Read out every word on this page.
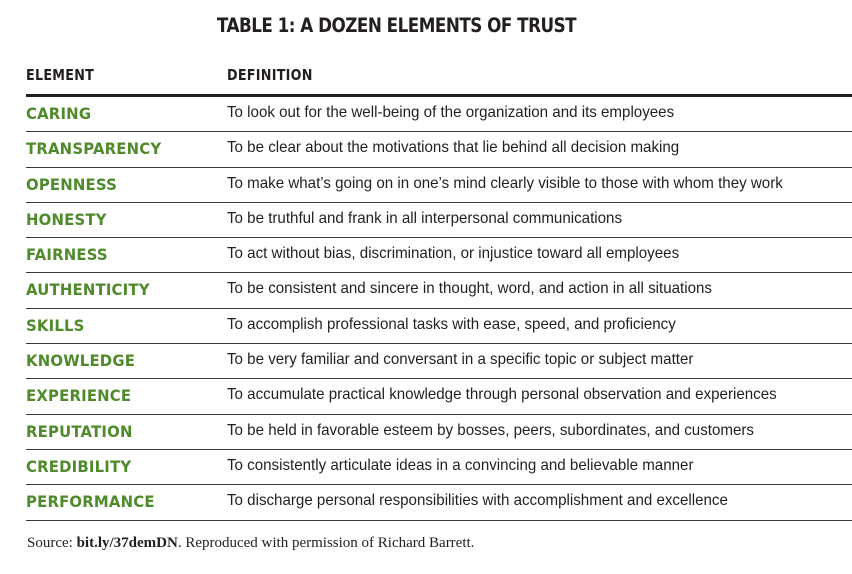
TABLE 1: A DOZEN ELEMENTS OF TRUST
ELEMENT	DEFINITION
CARING	To look out for the well-being of the organization and its employees
TRANSPARENCY	To be clear about the motivations that lie behind all decision making
OPENNESS	To make what’s going on in one’s mind clearly visible to those with whom they work
HONESTY	To be truthful and frank in all interpersonal communications
FAIRNESS	To act without bias, discrimination, or injustice toward all employees
AUTHENTICITY	To be consistent and sincere in thought, word, and action in all situations
SKILLS	To accomplish professional tasks with ease, speed, and proficiency
KNOWLEDGE	To be very familiar and conversant in a specific topic or subject matter
EXPERIENCE	To accumulate practical knowledge through personal observation and experiences
REPUTATION	To be held in favorable esteem by bosses, peers, subordinates, and customers
CREDIBILITY	To consistently articulate ideas in a convincing and believable manner
PERFORMANCE	To discharge personal responsibilities with accomplishment and excellence
Source: bit.ly/37demDN. Reproduced with permission of Richard Barrett.
